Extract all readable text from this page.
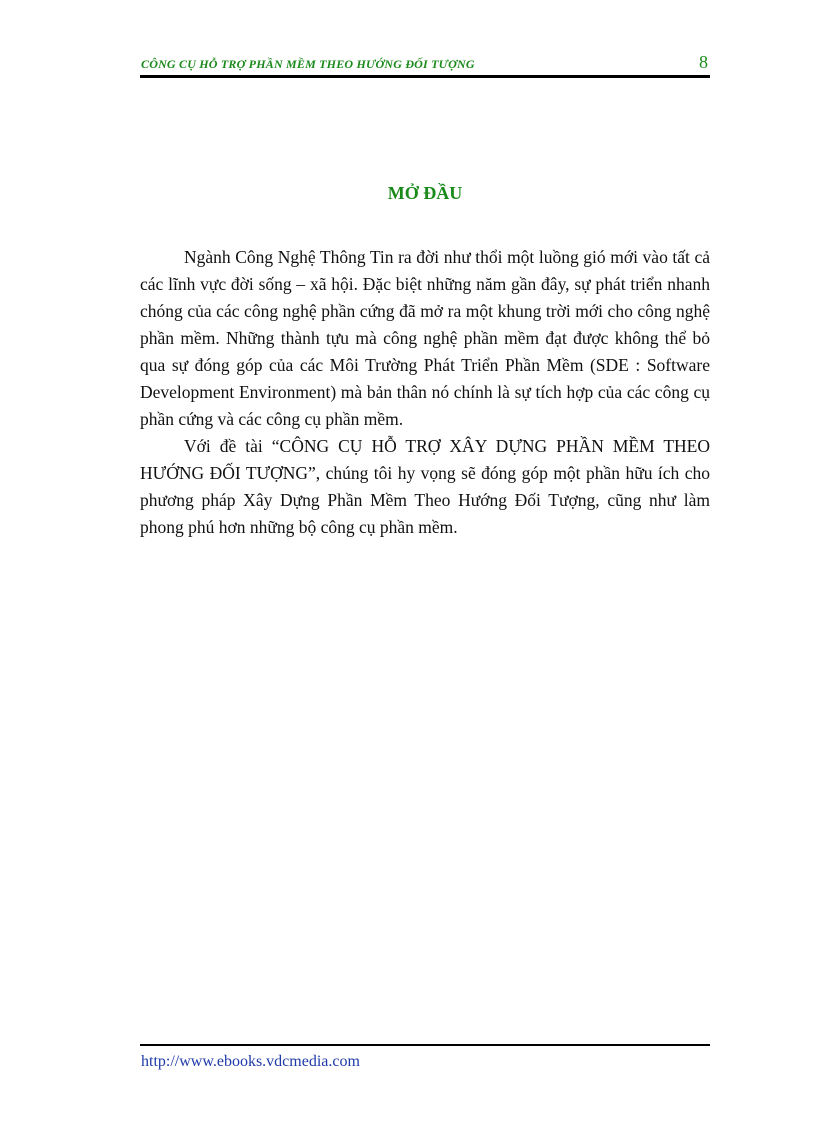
CÔNG CỤ HỖ TRỢ PHẦN MỀM THEO HƯỚNG ĐỐI TƯỢNG	8
MỞ ĐẦU

Ngành Công Nghệ Thông Tin ra đời như thổi một luồng gió mới vào tất cả các lĩnh vực đời sống – xã hội. Đặc biệt những năm gần đây, sự phát triển nhanh chóng của các công nghệ phần cứng đã mở ra một khung trời mới cho công nghệ phần mềm. Những thành tựu mà công nghệ phần mềm đạt được không thể bỏ qua sự đóng góp của các Môi Trường Phát Triển Phần Mềm (SDE : Software Development Environment) mà bản thân nó chính là sự tích hợp của các công cụ phần cứng và các công cụ phần mềm.

Với đề tài “CÔNG CỤ HỖ TRỢ XÂY DỰNG PHẦN MỀM THEO HƯỚNG ĐỐI TƯỢNG”, chúng tôi hy vọng sẽ đóng góp một phần hữu ích cho phương pháp Xây Dựng Phần Mềm Theo Hướng Đối Tượng, cũng như làm phong phú hơn những bộ công cụ phần mềm.

http://www.ebooks.vdcmedia.com
